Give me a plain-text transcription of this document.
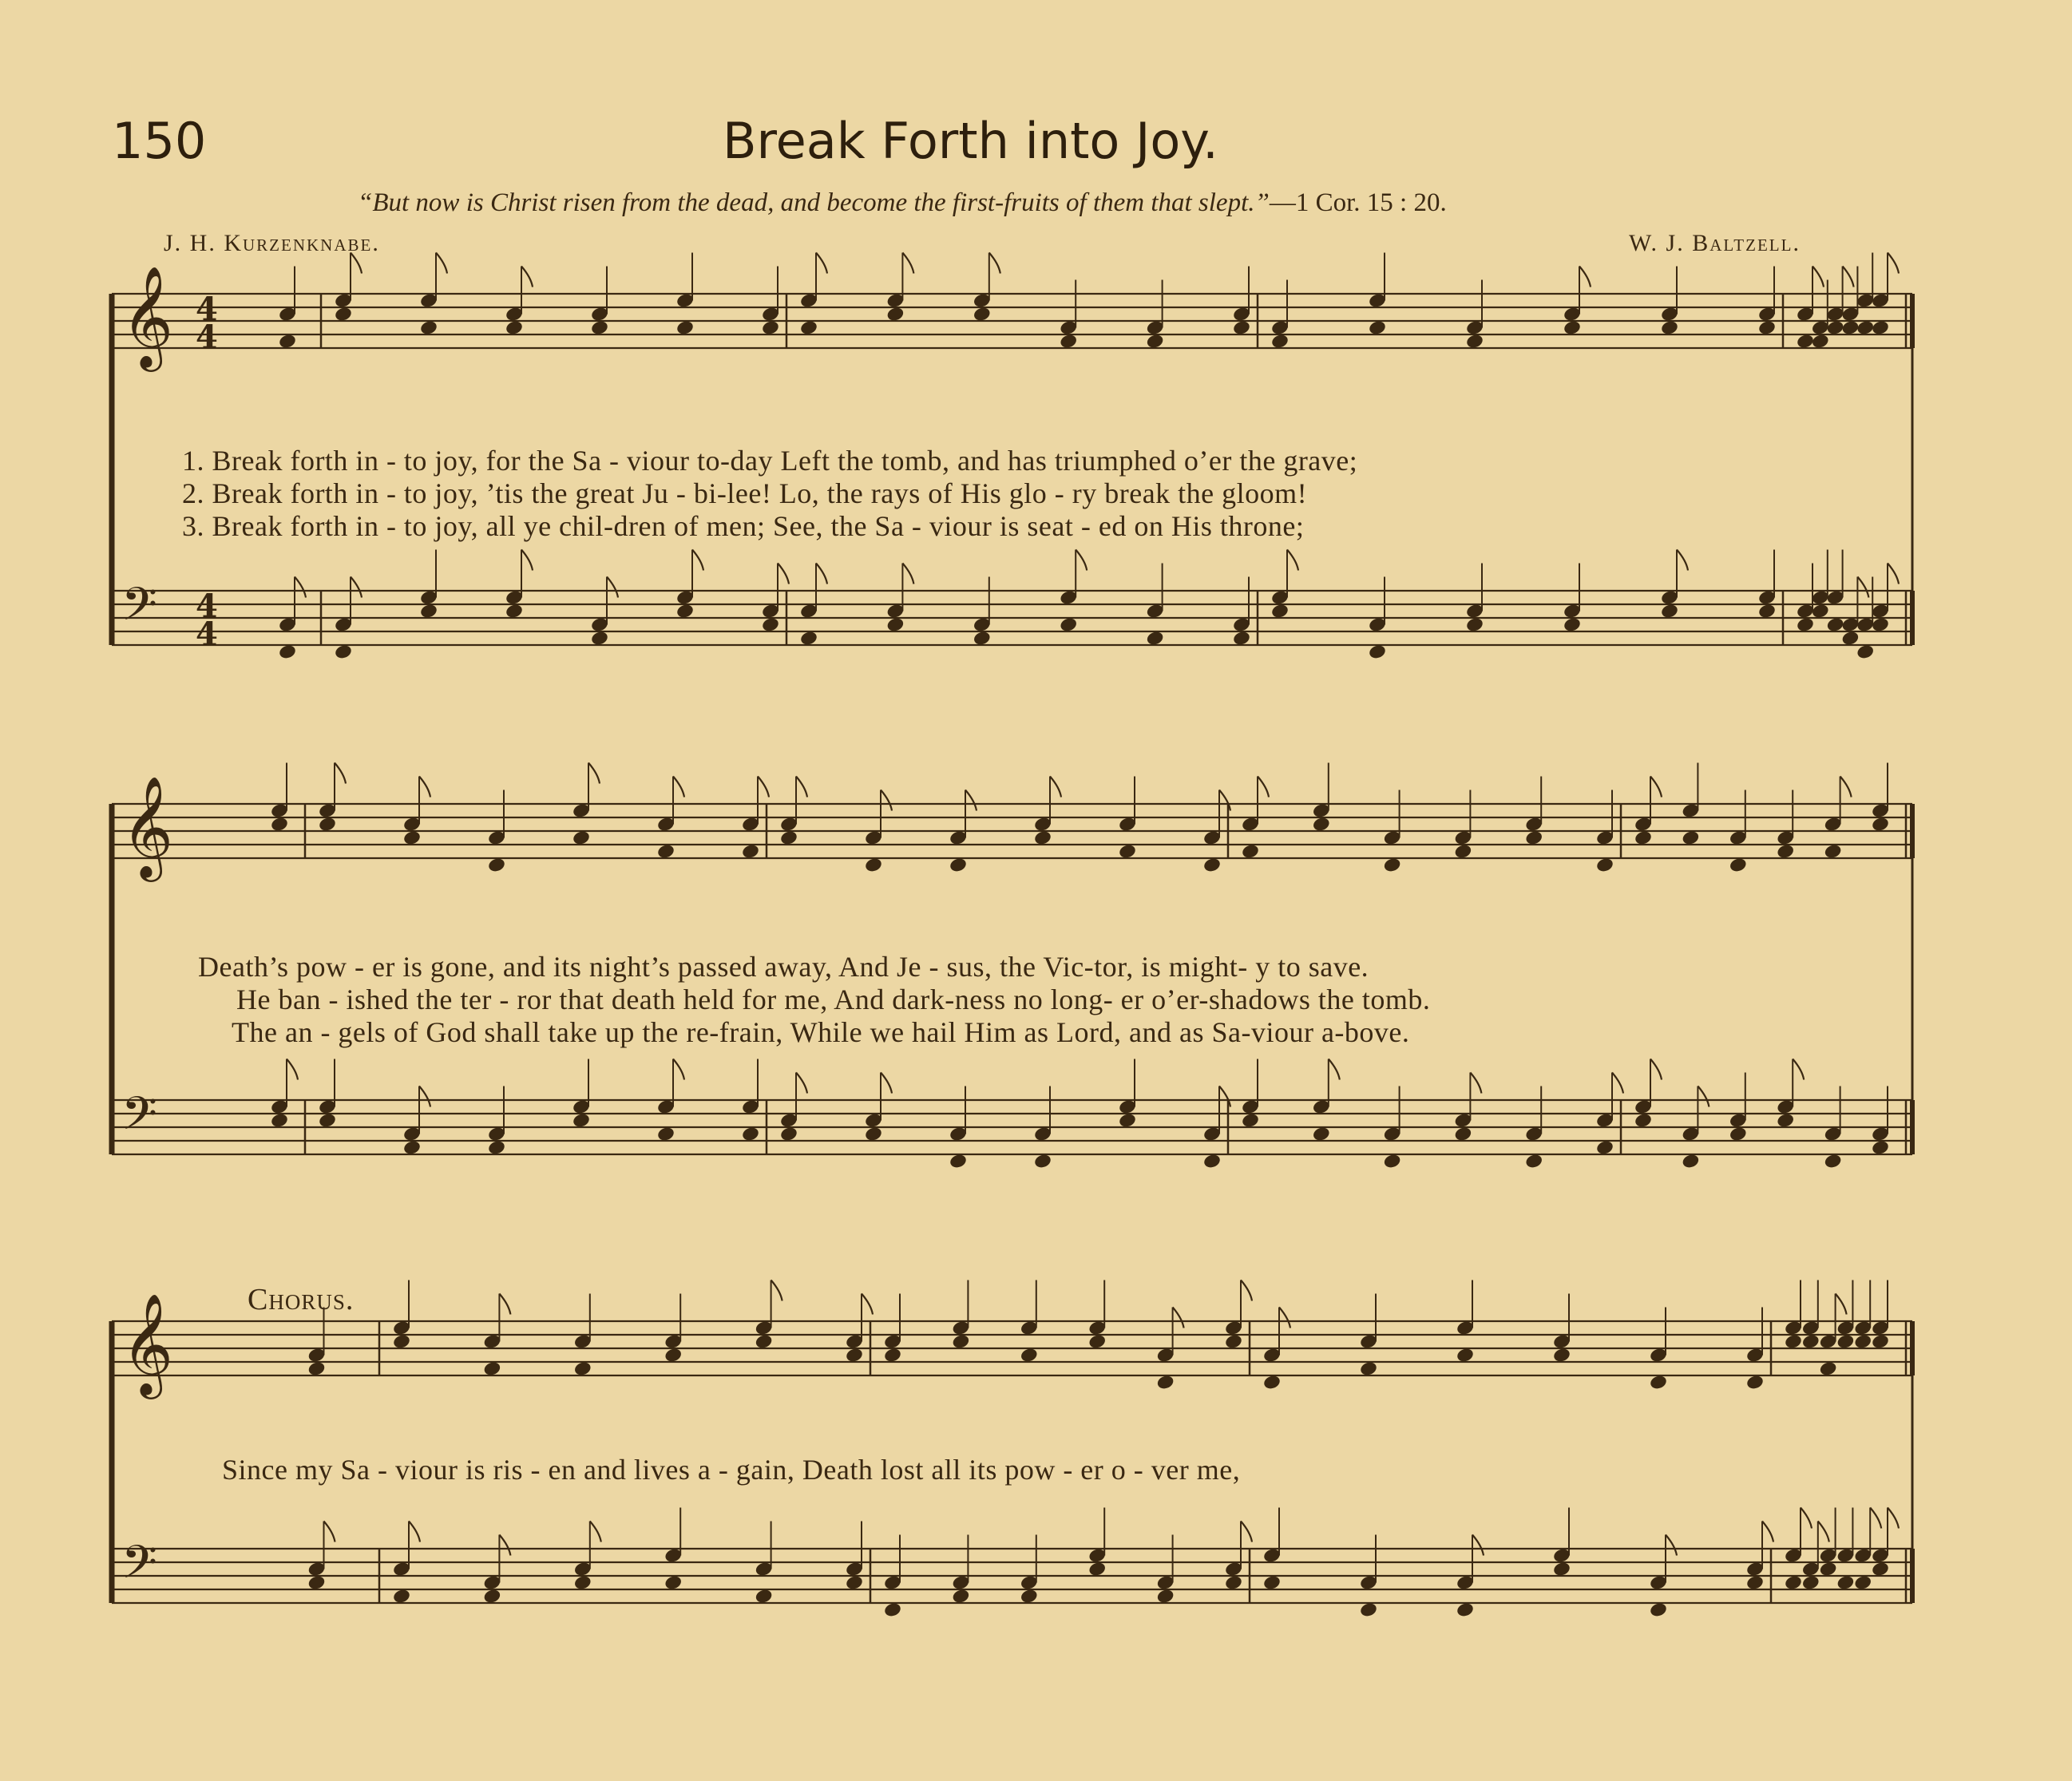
150	Break Forth into Joy.
“But now is Christ risen from the dead, and become the first-fruits of them that slept.”—1 Cor. 15 : 20.
J. H. Kurzenknabe.	W. J. Baltzell.
𝄞
𝄢
𝄞
𝄢
𝄞
𝄢
4
4
4
4
1. Break forth in - to joy, for the Sa - viour to-day Left the tomb, and has triumphed o’er the grave;
2. Break forth in - to joy, ’tis the great Ju - bi-lee! Lo, the rays of His glo - ry break the gloom!
3. Break forth in - to joy, all ye chil-dren of men; See, the Sa - viour is seat - ed on His throne;
Death’s pow - er is gone, and its night’s passed away, And Je - sus, the Vic-tor, is might- y to save.
He ban - ished the ter - ror that death held for me, And dark-ness no long- er o’er-shadows the tomb.
The an - gels of God shall take up the re-frain, While we hail Him as Lord, and as Sa-viour a-bove.
Chorus.
Since my Sa - viour is ris - en and lives a - gain, Death lost all its pow - er o - ver me,
